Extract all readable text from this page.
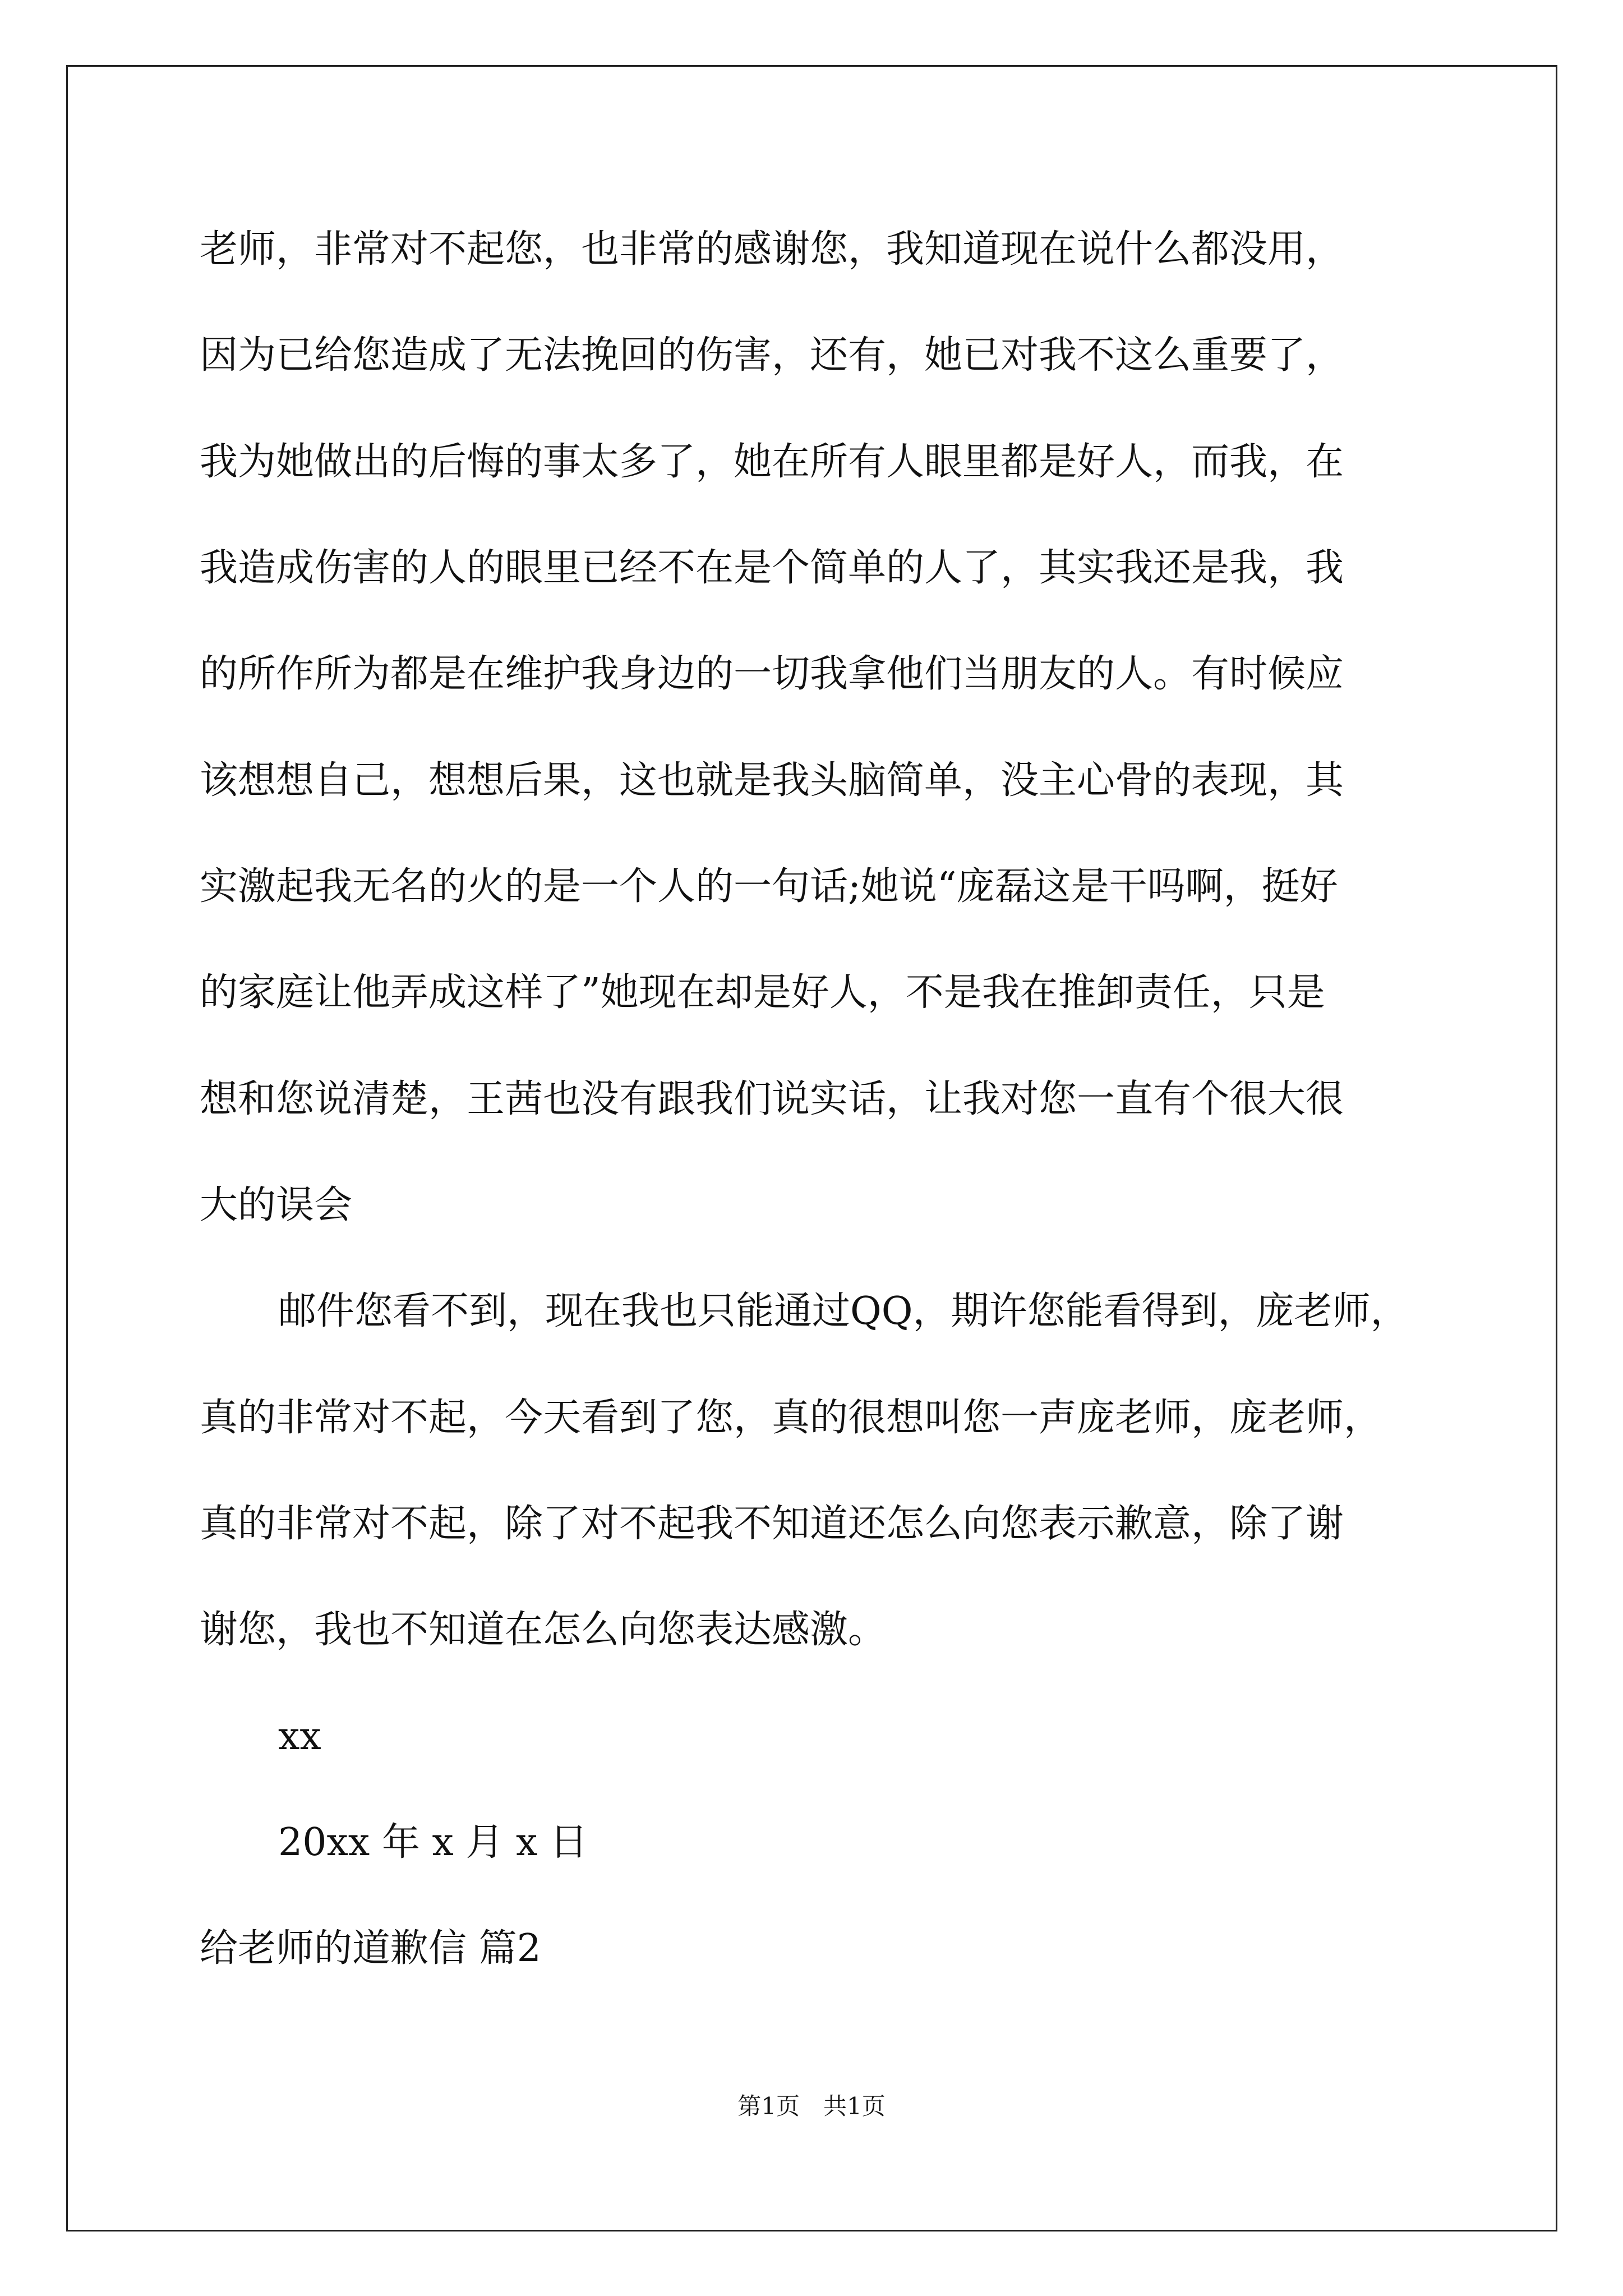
老师，非常对不起您，也非常的感谢您，我知道现在说什么都没用，
因为已给您造成了无法挽回的伤害，还有，她已对我不这么重要了，
我为她做出的后悔的事太多了，她在所有人眼里都是好人，而我，在
我造成伤害的人的眼里已经不在是个简单的人了，其实我还是我，我
的所作所为都是在维护我身边的一切我拿他们当朋友的人。有时候应
该想想自己，想想后果，这也就是我头脑简单，没主心骨的表现，其
实激起我无名的火的是一个人的一句话;她说“庞磊这是干吗啊，挺好
的家庭让他弄成这样了”她现在却是好人，不是我在推卸责任，只是
想和您说清楚，王茜也没有跟我们说实话，让我对您一直有个很大很
大的误会
邮件您看不到，现在我也只能通过QQ，期许您能看得到，庞老师，
真的非常对不起，今天看到了您，真的很想叫您一声庞老师，庞老师，
真的非常对不起，除了对不起我不知道还怎么向您表示歉意，除了谢
谢您，我也不知道在怎么向您表达感激。
xx
20xx 年 x 月 x 日
给老师的道歉信 篇2
第1页　共1页
